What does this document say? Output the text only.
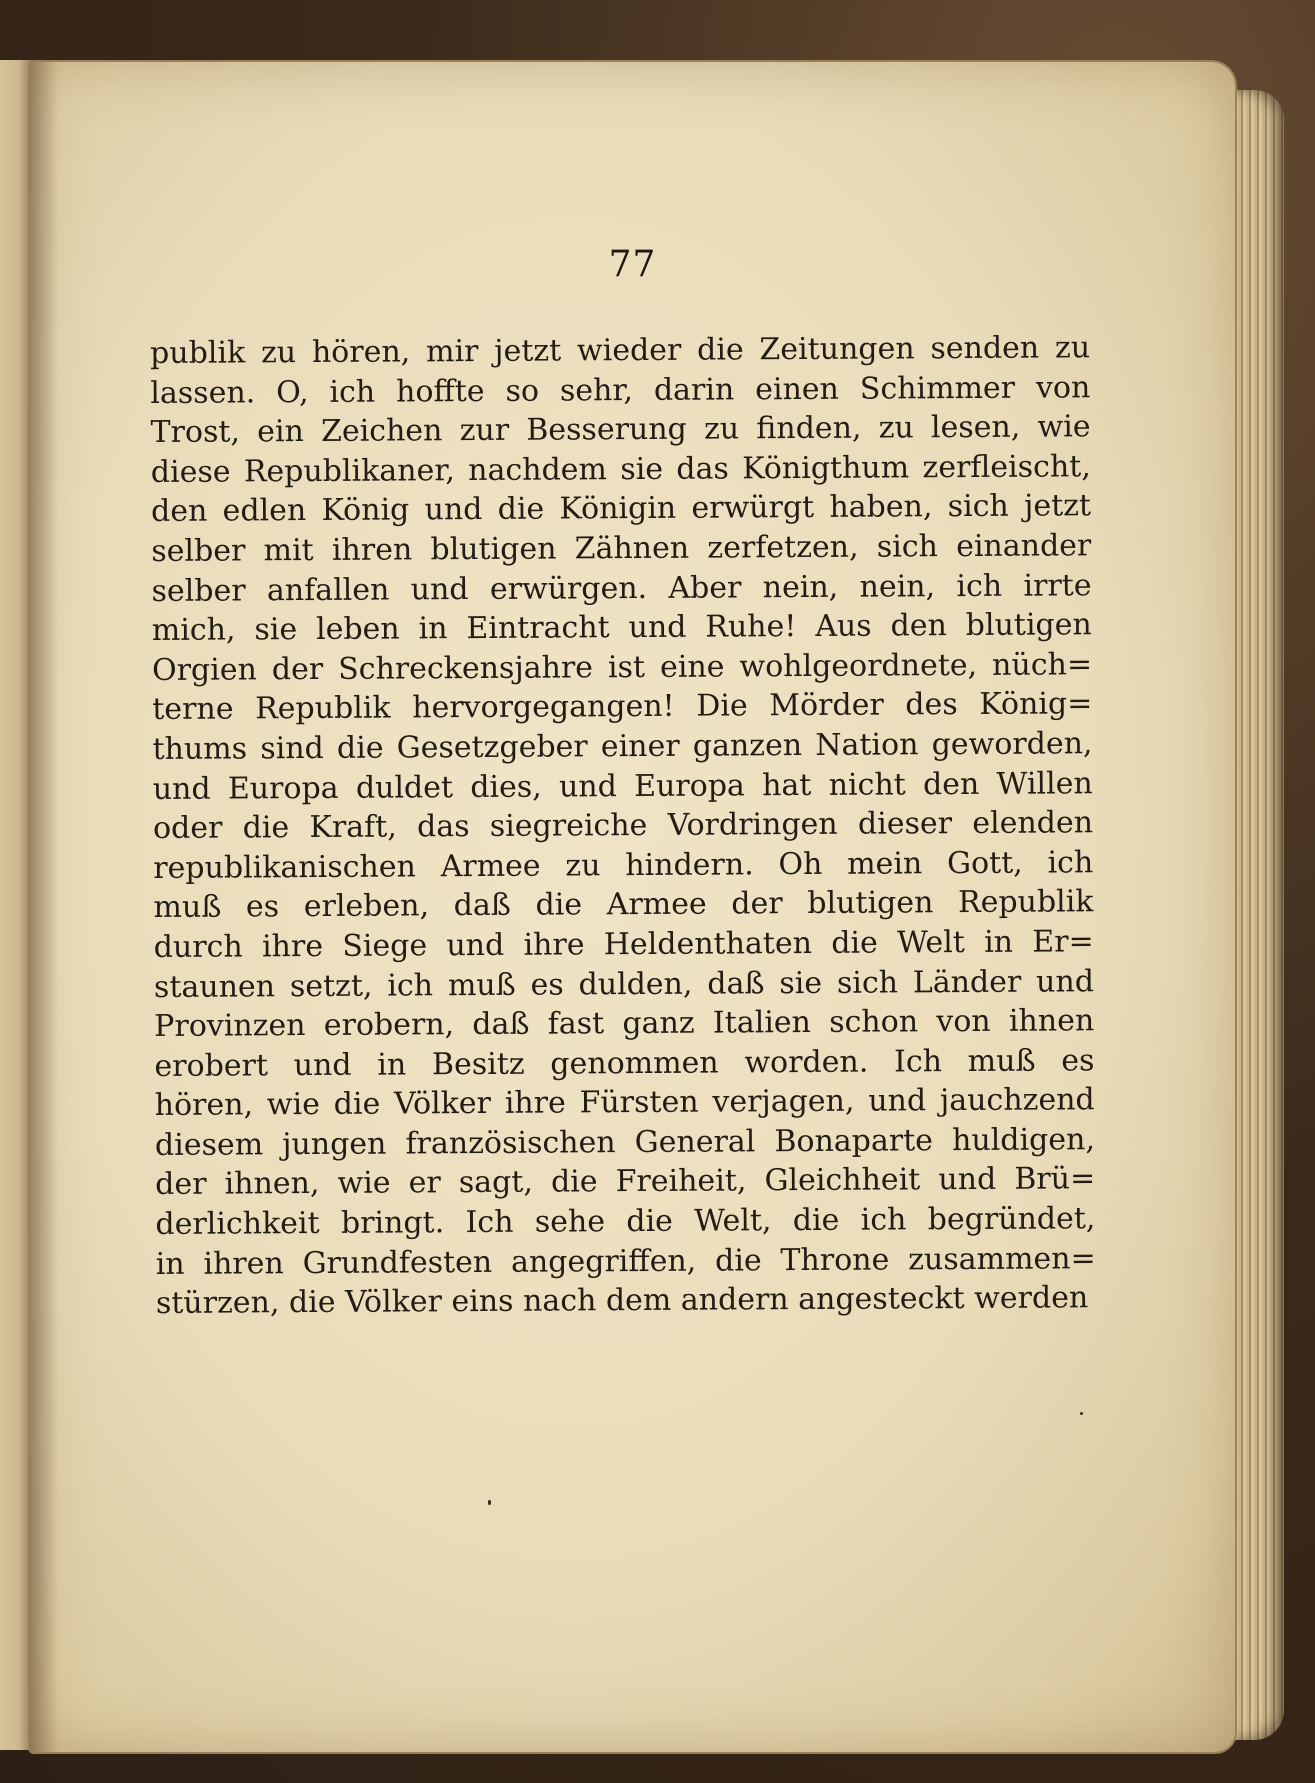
77
publik zu hören, mir jetzt wieder die Zeitungen senden zu
lassen. O, ich hoffte so sehr, darin einen Schimmer von
Trost, ein Zeichen zur Besserung zu finden, zu lesen, wie
diese Republikaner, nachdem sie das Königthum zerfleischt,
den edlen König und die Königin erwürgt haben, sich jetzt
selber mit ihren blutigen Zähnen zerfetzen, sich einander
selber anfallen und erwürgen. Aber nein, nein, ich irrte
mich, sie leben in Eintracht und Ruhe! Aus den blutigen
Orgien der Schreckensjahre ist eine wohlgeordnete, nüch=
terne Republik hervorgegangen! Die Mörder des König=
thums sind die Gesetzgeber einer ganzen Nation geworden,
und Europa duldet dies, und Europa hat nicht den Willen
oder die Kraft, das siegreiche Vordringen dieser elenden
republikanischen Armee zu hindern. Oh mein Gott, ich
muß es erleben, daß die Armee der blutigen Republik
durch ihre Siege und ihre Heldenthaten die Welt in Er=
staunen setzt, ich muß es dulden, daß sie sich Länder und
Provinzen erobern, daß fast ganz Italien schon von ihnen
erobert und in Besitz genommen worden. Ich muß es
hören, wie die Völker ihre Fürsten verjagen, und jauchzend
diesem jungen französischen General Bonaparte huldigen,
der ihnen, wie er sagt, die Freiheit, Gleichheit und Brü=
derlichkeit bringt. Ich sehe die Welt, die ich begründet,
in ihren Grundfesten angegriffen, die Throne zusammen=
stürzen, die Völker eins nach dem andern angesteckt werden
